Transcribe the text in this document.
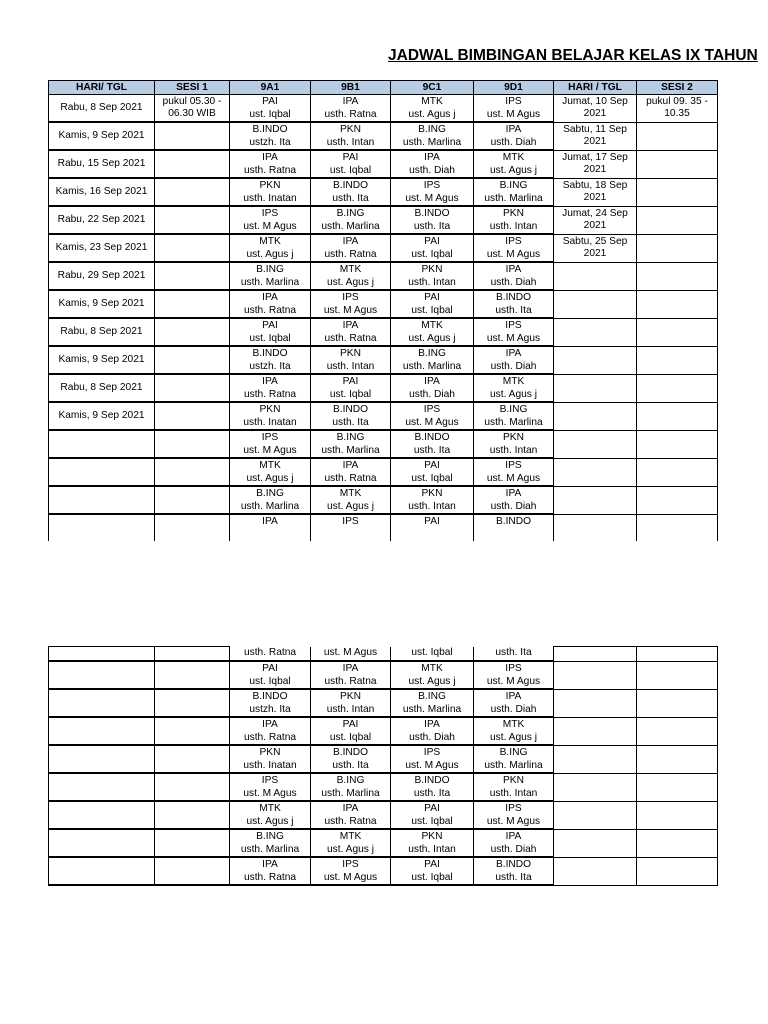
JADWAL BIMBINGAN BELAJAR KELAS IX TAHUN
HARI/ TGL	SESI 1	9A1	9B1	9C1	9D1	HARI / TGL	SESI 2
Rabu, 8 Sep 2021	pukul 05.30 - 06.30 WIB	PAI	IPA	MTK	IPS	Jumat, 10 Sep 2021	pukul 09. 35 - 10.35
		ust. Iqbal	usth. Ratna	ust. Agus j	ust. M Agus		
Kamis, 9 Sep 2021		B.INDO	PKN	B.ING	IPA	Sabtu, 11 Sep 2021	
		ustzh. Ita	usth. Intan	usth. Marlina	usth. Diah		
Rabu, 15 Sep 2021		IPA	PAI	IPA	MTK	Jumat, 17 Sep 2021	
		usth. Ratna	ust. Iqbal	usth. Diah	ust. Agus j		
Kamis, 16 Sep 2021		PKN	B.INDO	IPS	B.ING	Sabtu, 18 Sep 2021	
		usth. Inatan	usth. Ita	ust. M Agus	usth. Marlina		
Rabu, 22 Sep 2021		IPS	B.ING	B.INDO	PKN	Jumat, 24 Sep 2021	
		ust. M Agus	usth. Marlina	usth. Ita	usth. Intan		
Kamis, 23 Sep 2021		MTK	IPA	PAI	IPS	Sabtu, 25 Sep 2021	
		ust. Agus j	usth. Ratna	ust. Iqbal	ust. M Agus		
Rabu, 29 Sep 2021		B.ING	MTK	PKN	IPA		
		usth. Marlina	ust. Agus j	usth. Intan	usth. Diah		
Kamis, 9 Sep 2021		IPA	IPS	PAI	B.INDO		
		usth. Ratna	ust. M Agus	ust. Iqbal	usth. Ita		
Rabu, 8 Sep 2021		PAI	IPA	MTK	IPS		
		ust. Iqbal	usth. Ratna	ust. Agus j	ust. M Agus		
Kamis, 9 Sep 2021		B.INDO	PKN	B.ING	IPA		
		ustzh. Ita	usth. Intan	usth. Marlina	usth. Diah		
Rabu, 8 Sep 2021		IPA	PAI	IPA	MTK		
		usth. Ratna	ust. Iqbal	usth. Diah	ust. Agus j		
Kamis, 9 Sep 2021		PKN	B.INDO	IPS	B.ING		
		usth. Inatan	usth. Ita	ust. M Agus	usth. Marlina		
		IPS	B.ING	B.INDO	PKN		
		ust. M Agus	usth. Marlina	usth. Ita	usth. Intan		
		MTK	IPA	PAI	IPS		
		ust. Agus j	usth. Ratna	ust. Iqbal	ust. M Agus		
		B.ING	MTK	PKN	IPA		
		usth. Marlina	ust. Agus j	usth. Intan	usth. Diah		
		IPA	IPS	PAI	B.INDO		

		usth. Ratna	ust. M Agus	ust. Iqbal	usth. Ita		
		PAI	IPA	MTK	IPS		
		ust. Iqbal	usth. Ratna	ust. Agus j	ust. M Agus		
		B.INDO	PKN	B.ING	IPA		
		ustzh. Ita	usth. Intan	usth. Marlina	usth. Diah		
		IPA	PAI	IPA	MTK		
		usth. Ratna	ust. Iqbal	usth. Diah	ust. Agus j		
		PKN	B.INDO	IPS	B.ING		
		usth. Inatan	usth. Ita	ust. M Agus	usth. Marlina		
		IPS	B.ING	B.INDO	PKN		
		ust. M Agus	usth. Marlina	usth. Ita	usth. Intan		
		MTK	IPA	PAI	IPS		
		ust. Agus j	usth. Ratna	ust. Iqbal	ust. M Agus		
		B.ING	MTK	PKN	IPA		
		usth. Marlina	ust. Agus j	usth. Intan	usth. Diah		
		IPA	IPS	PAI	B.INDO		
		usth. Ratna	ust. M Agus	ust. Iqbal	usth. Ita		
